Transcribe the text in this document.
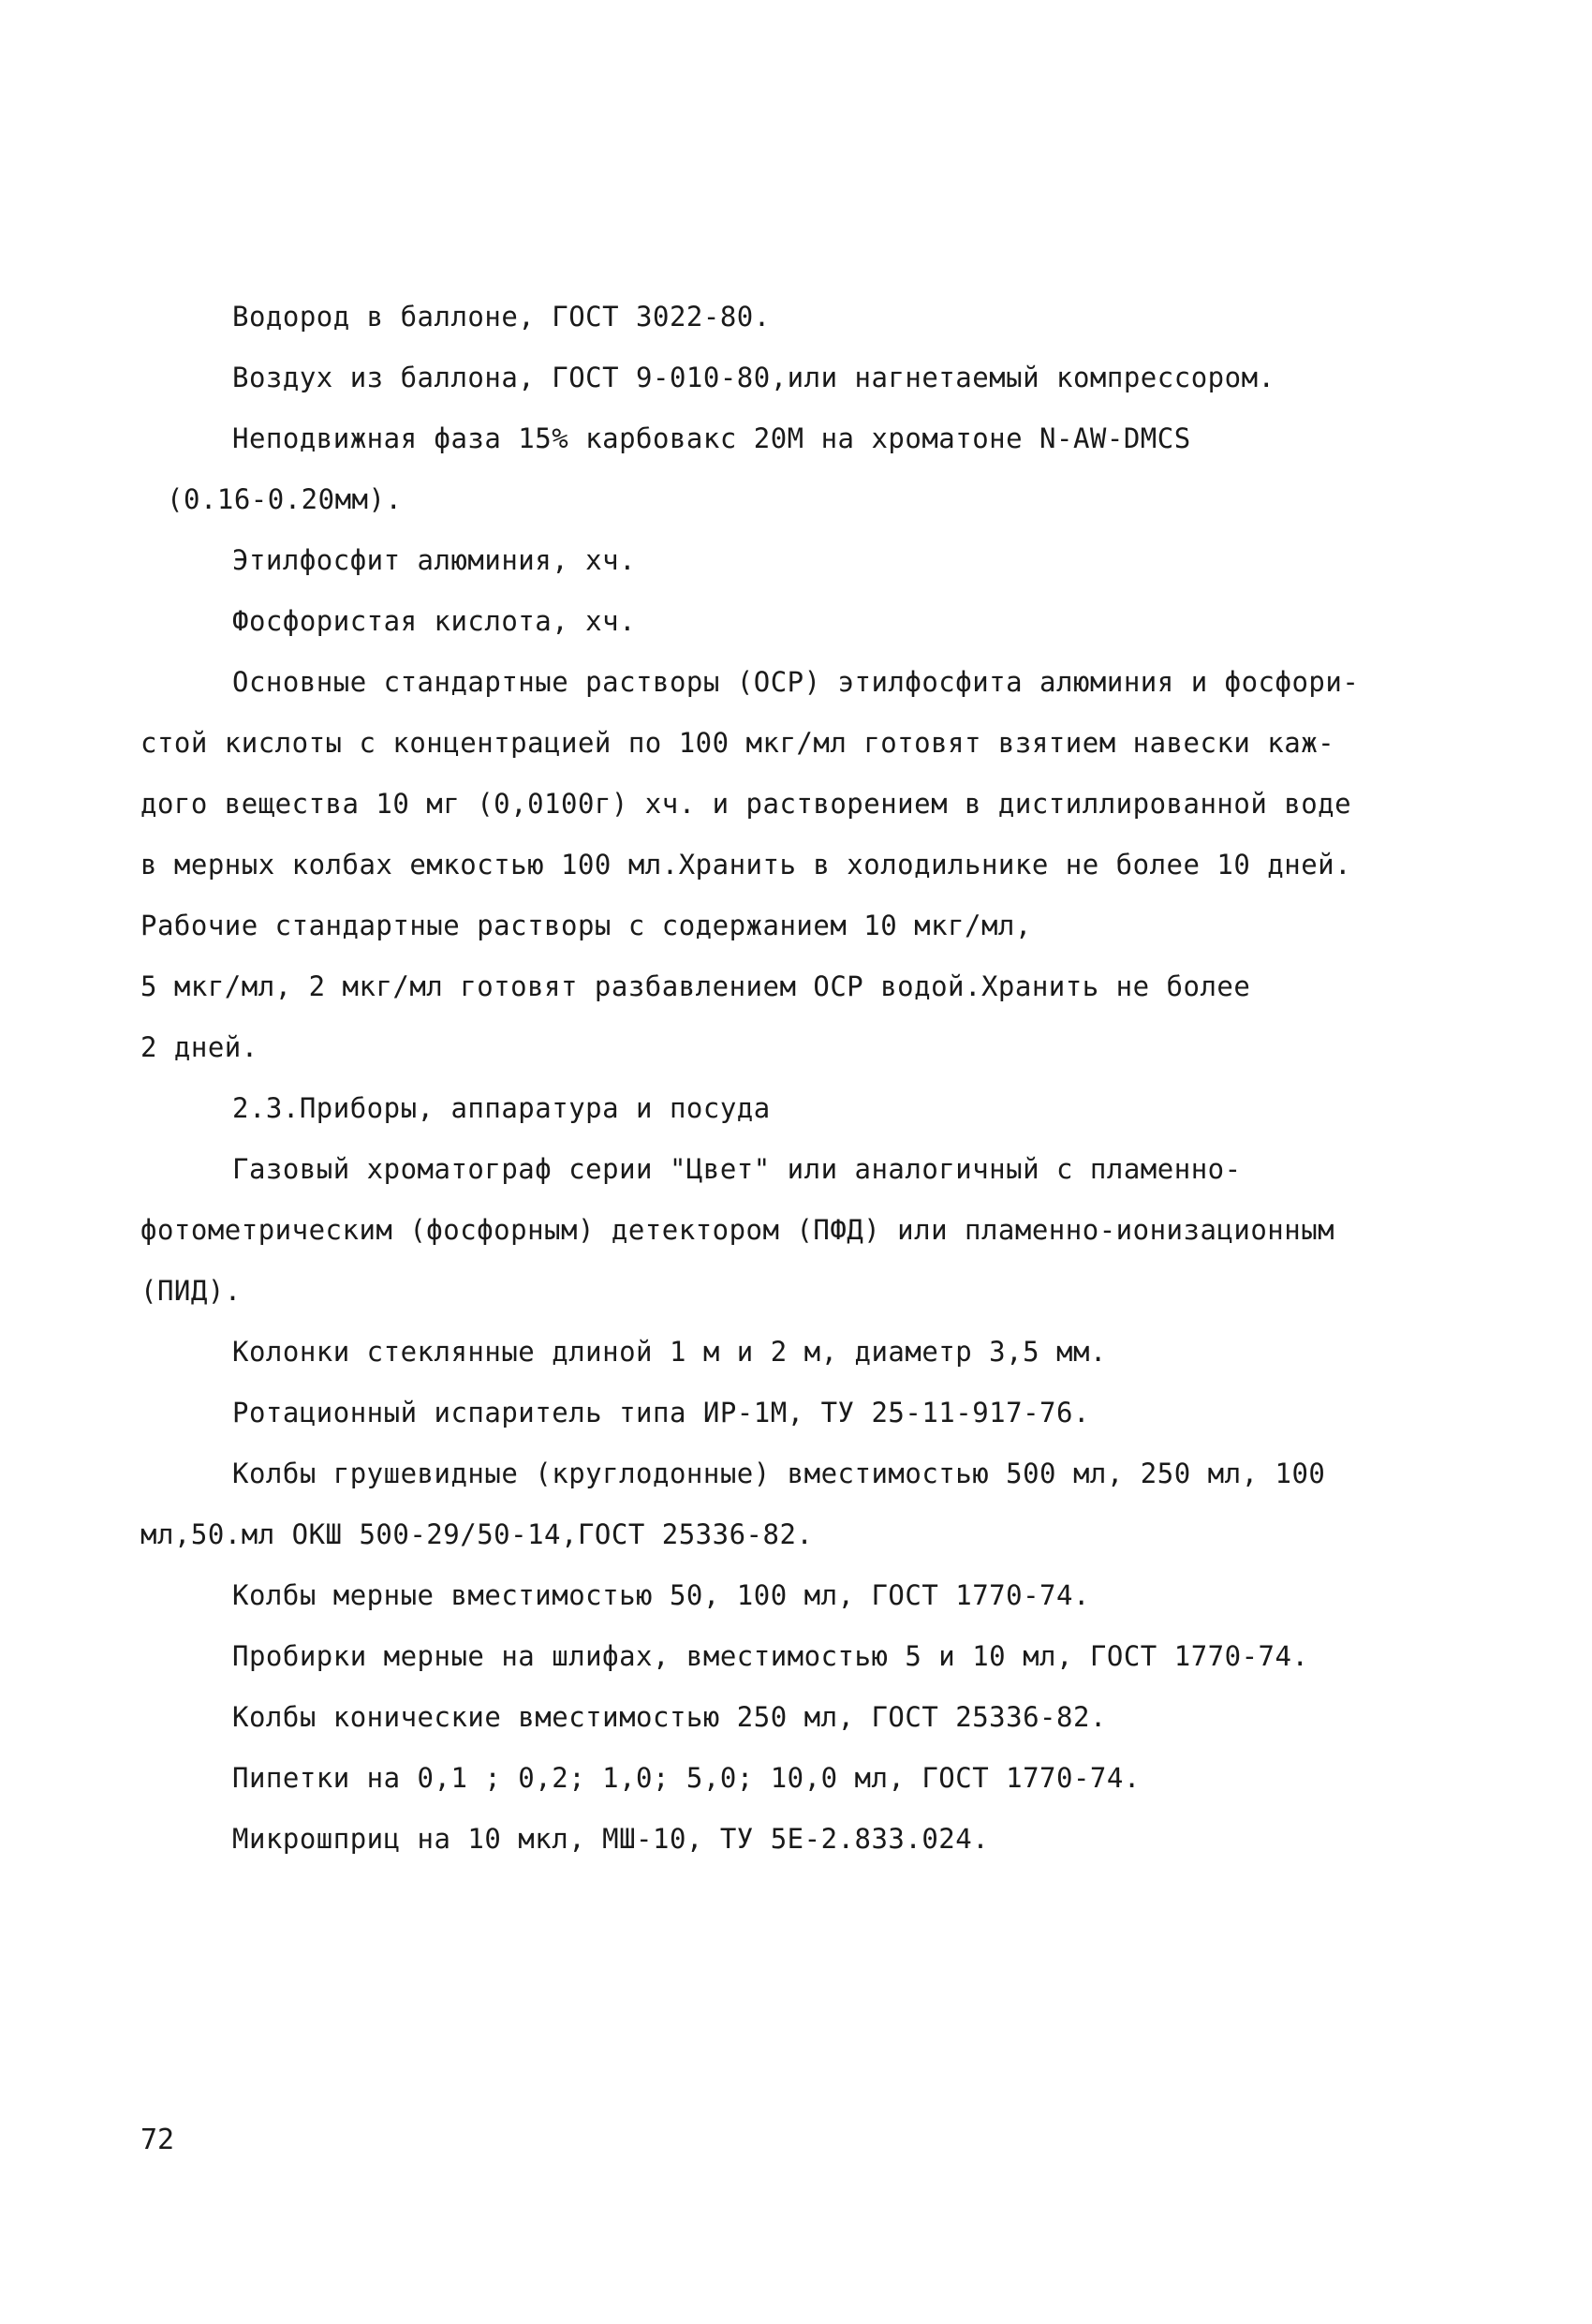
Водород в баллоне, ГОСТ 3022-80.
Воздух из баллона, ГОСТ 9-010-80,или нагнетаемый компрессором.
Неподвижная фаза 15% карбовакс 20М на хроматоне N-AW-DMCS
(0.16-0.20мм).
Этилфосфит алюминия, хч.
Фосфористая кислота, хч.
Основные стандартные растворы (ОСР) этилфосфита алюминия и фосфори-
стой кислоты с концентрацией по 100 мкг/мл готовят взятием навески каж-
дого вещества 10 мг (0,0100г) хч. и растворением в дистиллированной воде
в мерных колбах емкостью 100 мл.Хранить в холодильнике не более 10 дней.
Рабочие стандартные растворы с содержанием 10 мкг/мл,
5 мкг/мл, 2 мкг/мл готовят разбавлением ОСР водой.Хранить не более
2 дней.
2.3.Приборы, аппаратура и посуда
Газовый хроматограф серии "Цвет" или аналогичный с пламенно-
фотометрическим (фосфорным) детектором (ПФД) или пламенно-ионизационным
(ПИД).
Колонки стеклянные длиной 1 м и 2 м, диаметр 3,5 мм.
Ротационный испаритель типа ИР-1М, ТУ 25-11-917-76.
Колбы грушевидные (круглодонные) вместимостью 500 мл, 250 мл, 100
мл,50.мл ОКШ 500-29/50-14,ГОСТ 25336-82.
Колбы мерные вместимостью 50, 100 мл, ГОСТ 1770-74.
Пробирки мерные на шлифах, вместимостью 5 и 10 мл, ГОСТ 1770-74.
Колбы конические вместимостью 250 мл, ГОСТ 25336-82.
Пипетки на 0,1 ; 0,2; 1,0; 5,0; 10,0 мл, ГОСТ 1770-74.
Микрошприц на 10 мкл, МШ-10, ТУ 5Е-2.833.024.
72
